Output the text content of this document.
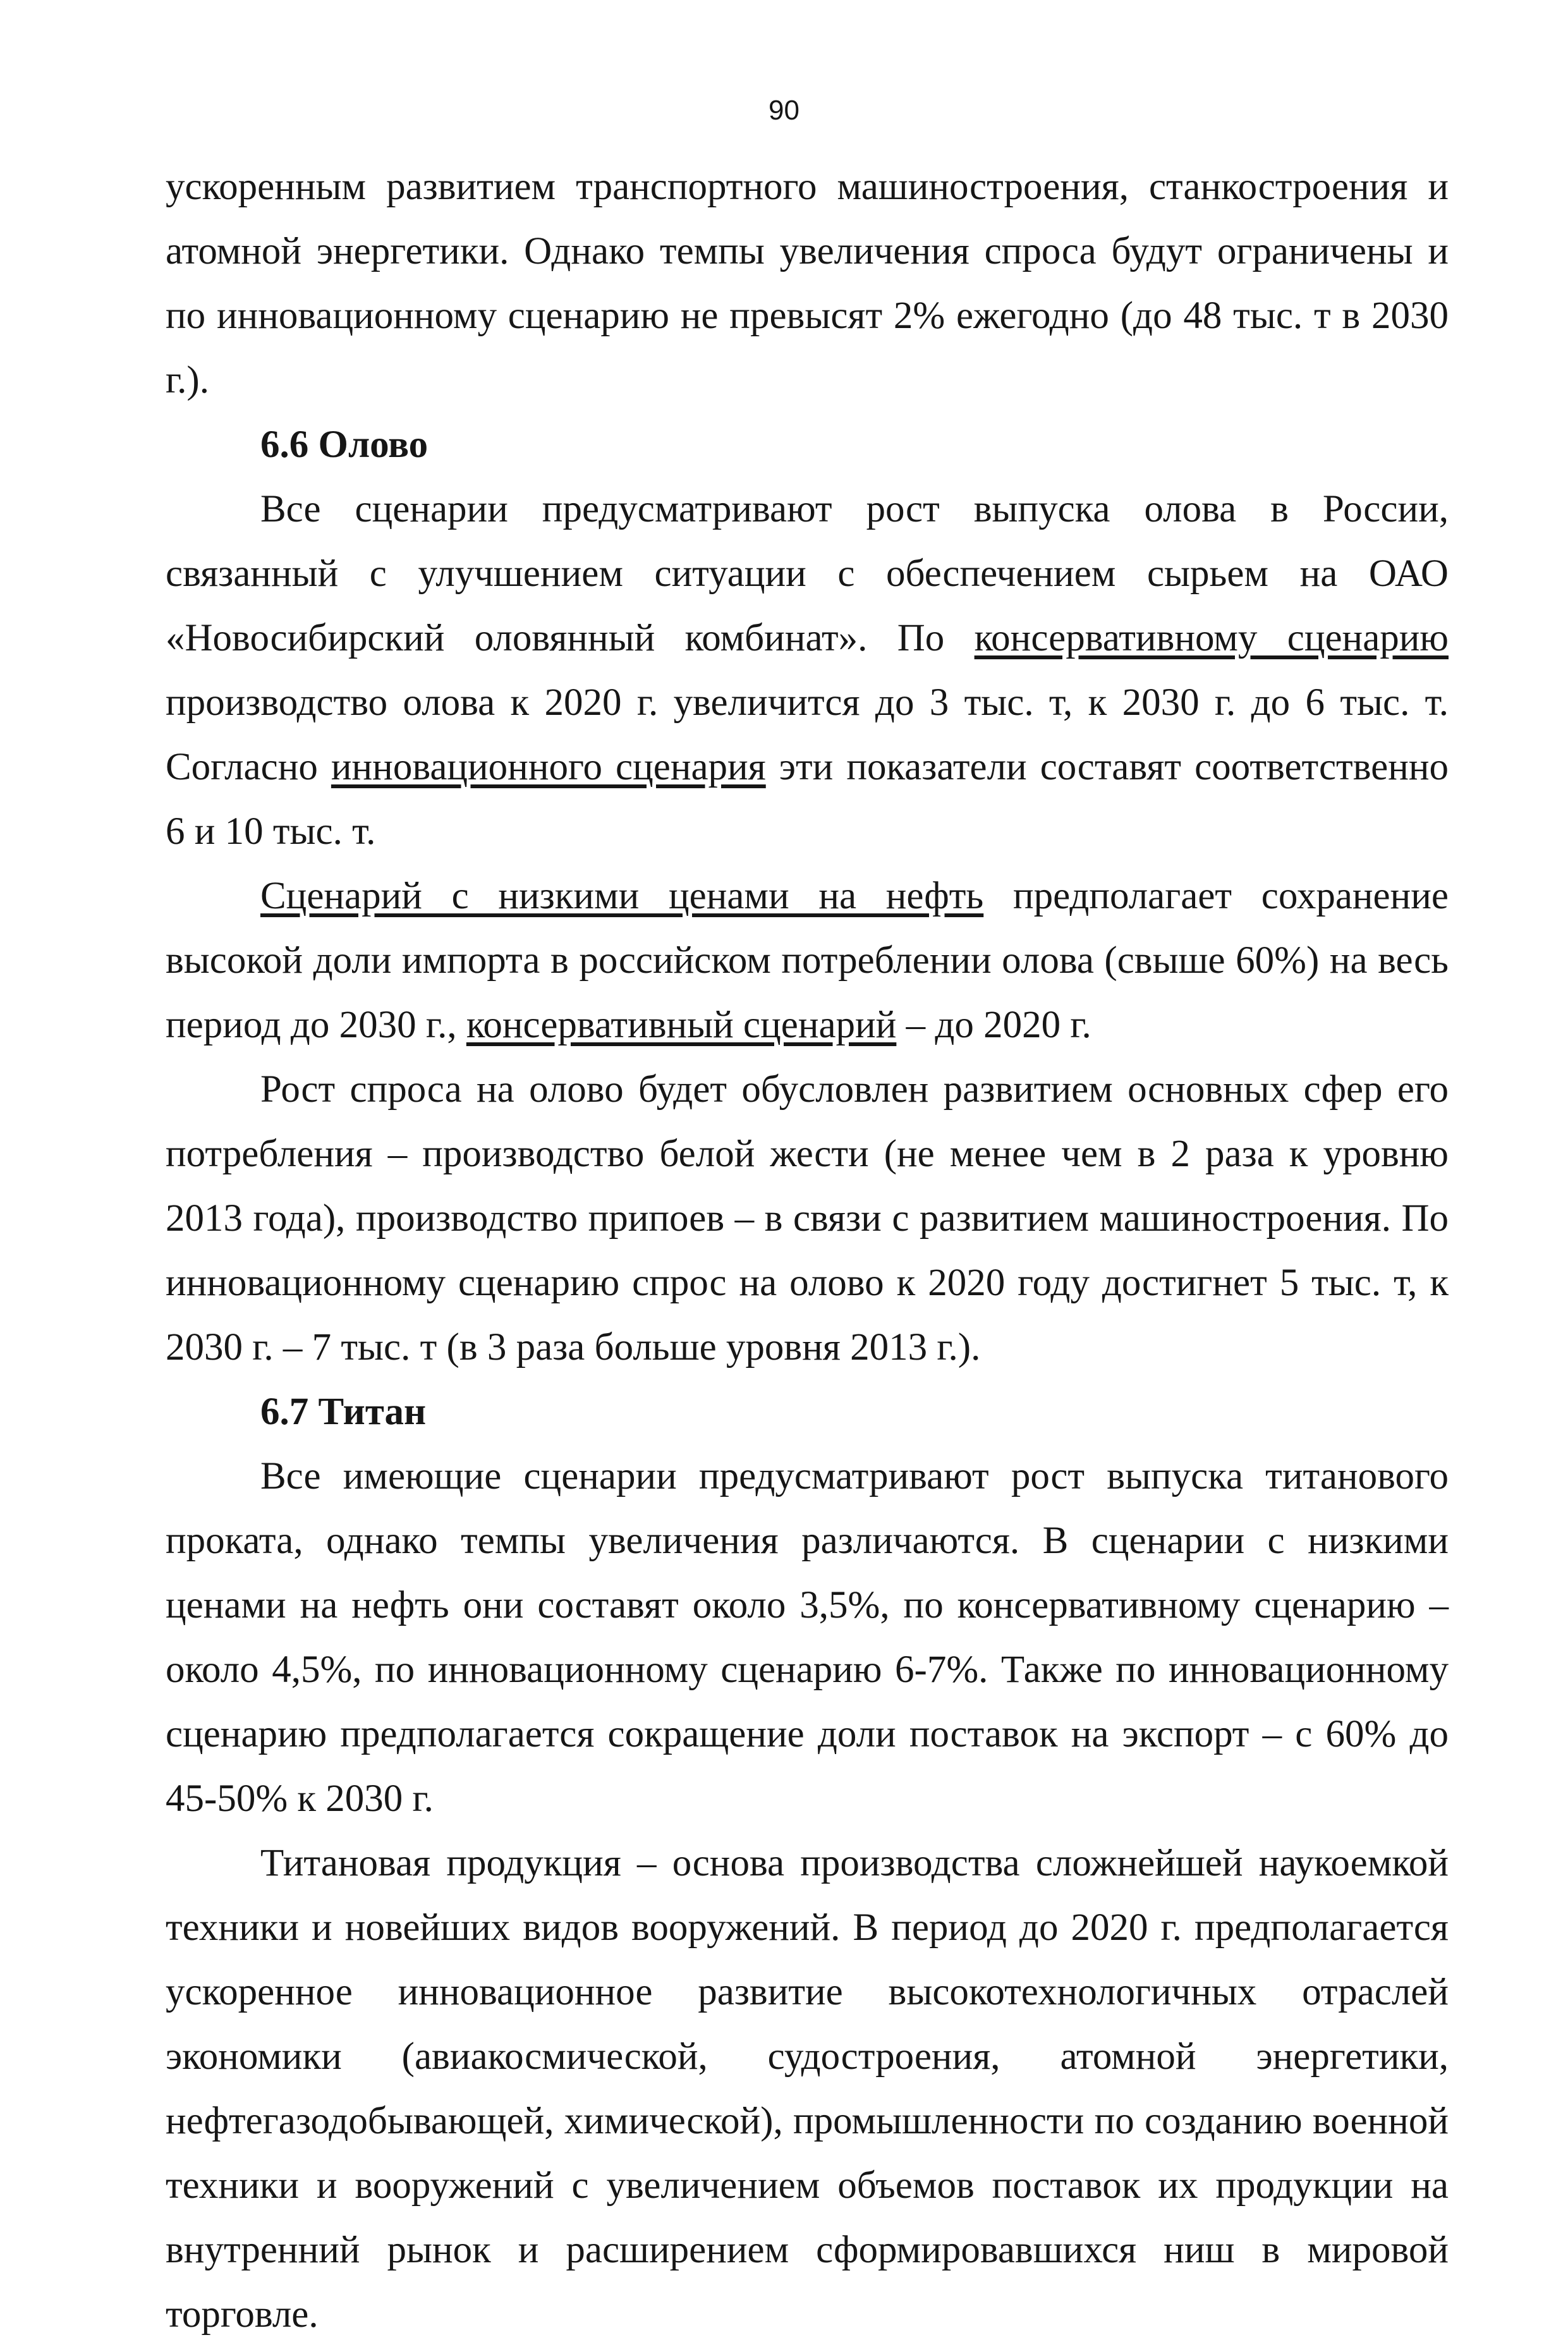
90

ускоренным развитием транспортного машиностроения, станкостроения и атомной энергетики. Однако темпы увеличения спроса будут ограничены и по инновационному сценарию не превысят 2% ежегодно (до 48 тыс. т в 2030 г.).

6.6 Олово

Все сценарии предусматривают рост выпуска олова в России, связанный с улучшением ситуации с обеспечением сырьем на ОАО «Новосибирский оловянный комбинат». По консервативному сценарию производство олова к 2020 г. увеличится до 3 тыс. т, к 2030 г. до 6 тыс. т. Согласно инновационного сценария эти показатели составят соответственно 6 и 10 тыс. т.

Сценарий с низкими ценами на нефть предполагает сохранение высокой доли импорта в российском потреблении олова (свыше 60%) на весь период до 2030 г., консервативный сценарий – до 2020 г.

Рост спроса на олово будет обусловлен развитием основных сфер его потребления – производство белой жести (не менее чем в 2 раза к уровню 2013 года), производство припоев – в связи с развитием машиностроения. По инновационному сценарию спрос на олово к 2020 году достигнет 5 тыс. т, к 2030 г. – 7 тыс. т (в 3 раза больше уровня 2013 г.).

6.7 Титан

Все имеющие сценарии предусматривают рост выпуска титанового проката, однако темпы увеличения различаются. В сценарии с низкими ценами на нефть они составят около 3,5%, по консервативному сценарию – около 4,5%, по инновационному сценарию 6-7%. Также по инновационному сценарию предполагается сокращение доли поставок на экспорт – с 60% до 45-50% к 2030 г.

Титановая продукция – основа производства сложнейшей наукоемкой техники и новейших видов вооружений. В период до 2020 г. предполагается ускоренное инновационное развитие высокотехнологичных отраслей экономики (авиакосмической, судостроения, атомной энергетики, нефтегазодобывающей, химической), промышленности по созданию военной техники и вооружений с увеличением объемов поставок их продукции на внутренний рынок и расширением сформировавшихся ниш в мировой торговле.
